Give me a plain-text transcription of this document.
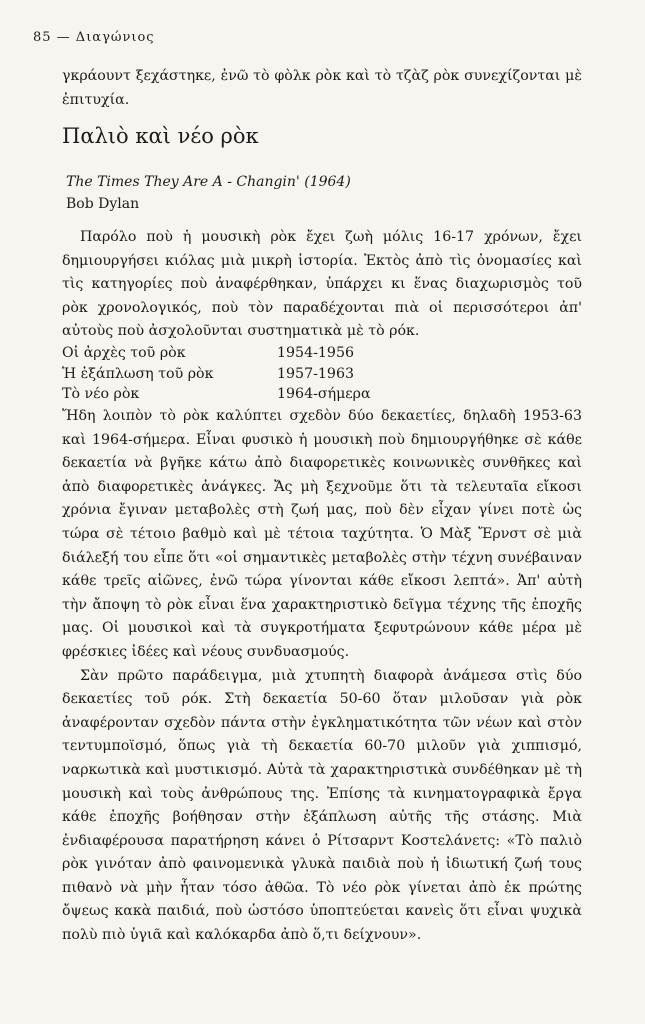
85 — Διαγώνιος

γκράουντ ξεχάστηκε, ἐνῶ τὸ φὸλκ ρὸκ καὶ τὸ τζὰζ ρὸκ συνεχίζονται μὲ ἐπιτυχία.

Παλιὸ καὶ νέο ρὸκ
The Times They Are A - Changin' (1964)
Bob Dylan

Παρόλο ποὺ ἡ μουσικὴ ρὸκ ἔχει ζωὴ μόλις 16-17 χρόνων, ἔχει δημιουργήσει κιόλας μιὰ μικρὴ ἱστορία. Ἐκτὸς ἀπὸ τὶς ὀνομασίες καὶ τὶς κατηγορίες ποὺ ἀναφέρθηκαν, ὑπάρχει κι ἕνας διαχωρισμὸς τοῦ ρὸκ χρονολογικός, ποὺ τὸν παραδέχονται πιὰ οἱ περισσότεροι ἀπ' αὐτοὺς ποὺ ἀσχολοῦνται συστηματικὰ μὲ τὸ ρόκ.

Οἱ ἀρχὲς τοῦ ρὸκ	1954-1956
Ἡ ἐξάπλωση τοῦ ρὸκ	1957-1963
Τὸ νέο ρὸκ	1964-σήμερα

Ἤδη λοιπὸν τὸ ρὸκ καλύπτει σχεδὸν δύο δεκαετίες, δηλαδὴ 1953-63 καὶ 1964-σήμερα. Εἶναι φυσικὸ ἡ μουσικὴ ποὺ δημιουργήθηκε σὲ κάθε δεκαετία νὰ βγῆκε κάτω ἀπὸ διαφορετικὲς κοινωνικὲς συνθῆκες καὶ ἀπὸ διαφορετικὲς ἀνάγκες. Ἄς μὴ ξεχνοῦμε ὅτι τὰ τελευταῖα εἴκοσι χρόνια ἔγιναν μεταβολὲς στὴ ζωή μας, ποὺ δὲν εἶχαν γίνει ποτὲ ὡς τώρα σὲ τέτοιο βαθμὸ καὶ μὲ τέτοια ταχύτητα. Ὁ Μὰξ Ἔρνστ σὲ μιὰ διάλεξή του εἶπε ὅτι «οἱ σημαντικὲς μεταβολὲς στὴν τέχνη συνέβαιναν κάθε τρεῖς αἰῶνες, ἐνῶ τώρα γίνονται κάθε εἴκοσι λεπτά». Ἀπ' αὐτὴ τὴν ἄποψη τὸ ρὸκ εἶναι ἕνα χαρακτηριστικὸ δεῖγμα τέχνης τῆς ἐποχῆς μας. Οἱ μουσικοὶ καὶ τὰ συγκροτήματα ξεφυτρώνουν κάθε μέρα μὲ φρέσκιες ἰδέες καὶ νέους συνδυασμούς.

Σὰν πρῶτο παράδειγμα, μιὰ χτυπητὴ διαφορὰ ἀνάμεσα στὶς δύο δεκαετίες τοῦ ρόκ. Στὴ δεκαετία 50-60 ὅταν μιλοῦσαν γιὰ ρὸκ ἀναφέρονταν σχεδὸν πάντα στὴν ἐγκληματικότητα τῶν νέων καὶ στὸν τεντυμποϊσμό, ὅπως γιὰ τὴ δεκαετία 60-70 μιλοῦν γιὰ χιππισμό, ναρκωτικὰ καὶ μυστικισμό. Αὐτὰ τὰ χαρακτηριστικὰ συνδέθηκαν μὲ τὴ μουσικὴ καὶ τοὺς ἀνθρώπους της. Ἐπίσης τὰ κινηματογραφικὰ ἔργα κάθε ἐποχῆς βοήθησαν στὴν ἐξάπλωση αὐτῆς τῆς στάσης. Μιὰ ἐνδιαφέρουσα παρατήρηση κάνει ὁ Ρίτσαρντ Κοστελάνετς: «Τὸ παλιὸ ρὸκ γινόταν ἀπὸ φαινομενικὰ γλυκὰ παιδιὰ ποὺ ἡ ἰδιωτική ζωή τους πιθανὸ νὰ μὴν ἦταν τόσο ἀθῶα. Τὸ νέο ρὸκ γίνεται ἀπὸ ἐκ πρώτης ὄψεως κακὰ παιδιά, ποὺ ὡστόσο ὑποπτεύεται κανεὶς ὅτι εἶναι ψυχικὰ πολὺ πιὸ ὑγιᾶ καὶ καλόκαρδα ἀπὸ ὅ,τι δείχνουν».
